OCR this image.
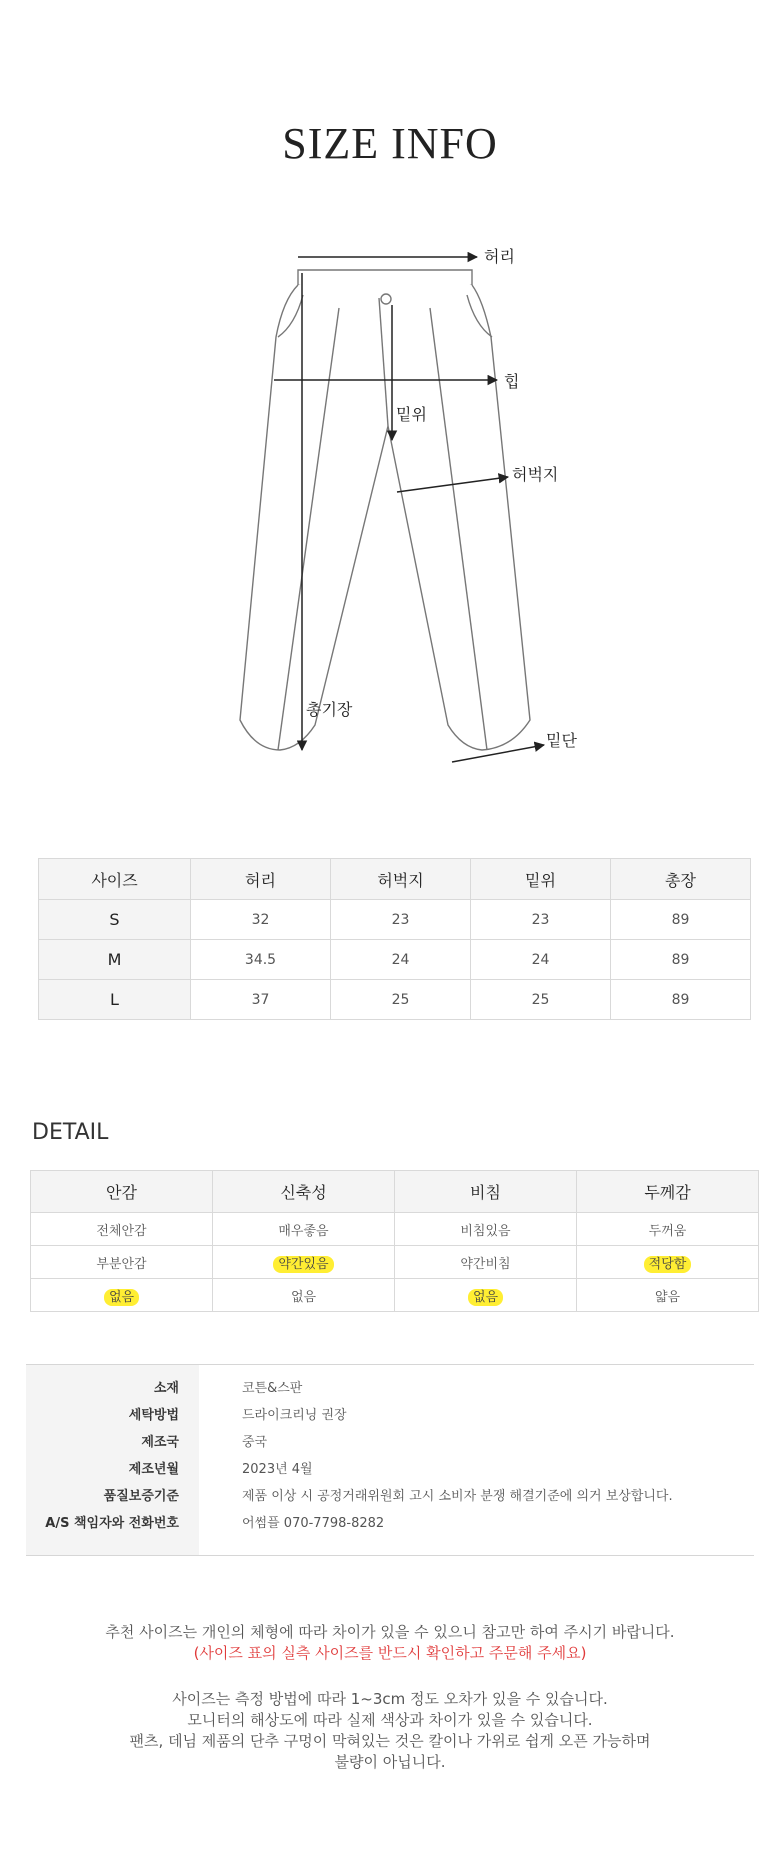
SIZE INFO
허리
힙
밑위
허벅지
총기장
밑단
사이즈	허리	허벅지	밑위	총장
S	32	23	23	89
M	34.5	24	24	89
L	37	25	25	89
DETAIL
안감	신축성	비침	두께감
전체안감	매우좋음	비침있음	두꺼움
부분안감	약간있음	약간비침	적당함
없음	없음	없음	얇음
소재	코튼&스판
세탁방법	드라이크리닝 권장
제조국	중국
제조년월	2023년 4월
품질보증기준	제품 이상 시 공정거래위원회 고시 소비자 분쟁 해결기준에 의거 보상합니다.
A/S 책임자와 전화번호	어썸플 070-7798-8282
추천 사이즈는 개인의 체형에 따라 차이가 있을 수 있으니 참고만 하여 주시기 바랍니다.
(사이즈 표의 실측 사이즈를 반드시 확인하고 주문해 주세요)
사이즈는 측정 방법에 따라 1~3cm 정도 오차가 있을 수 있습니다.
모니터의 해상도에 따라 실제 색상과 차이가 있을 수 있습니다.
팬츠, 데님 제품의 단추 구멍이 막혀있는 것은 칼이나 가위로 쉽게 오픈 가능하며
불량이 아닙니다.
